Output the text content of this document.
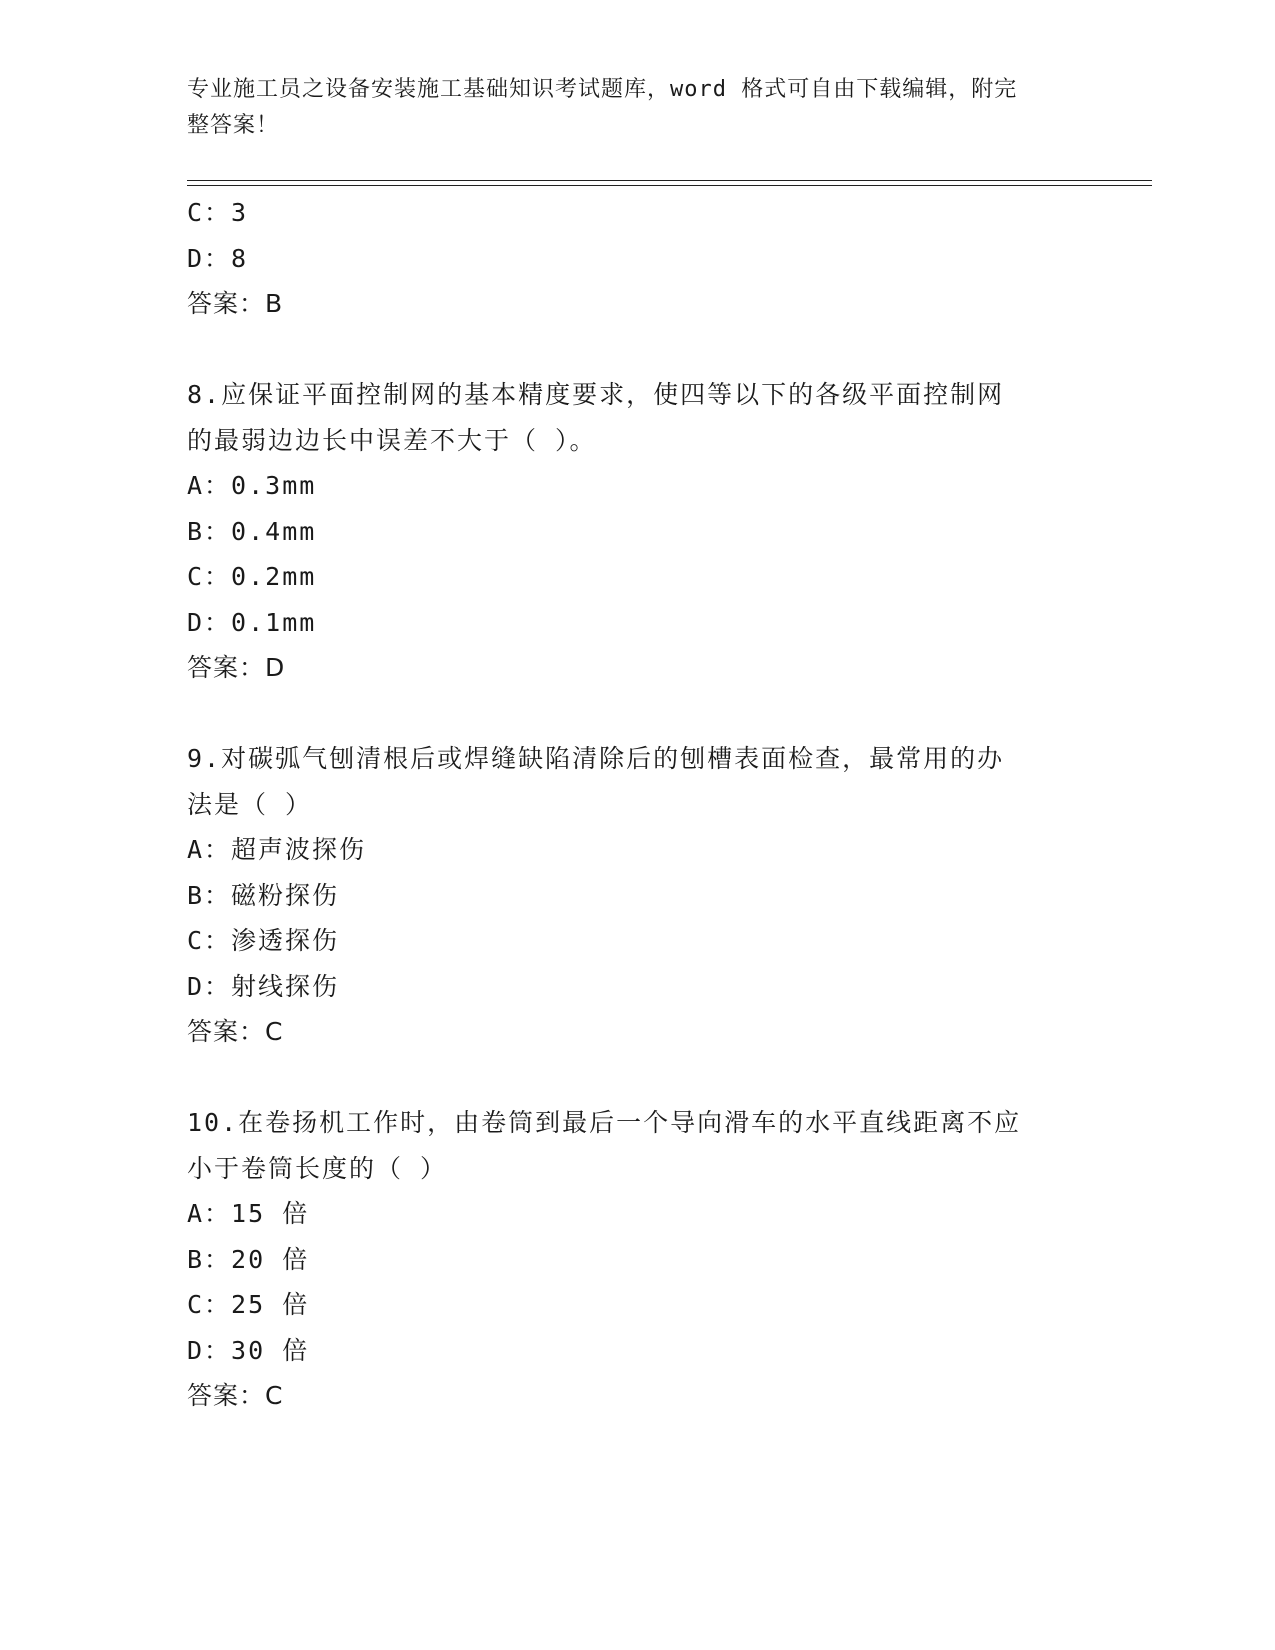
专业施工员之设备安装施工基础知识考试题库，word 格式可自由下载编辑，附完
整答案！
C：3
D：8
答案：B
8.应保证平面控制网的基本精度要求，使四等以下的各级平面控制网
的最弱边边长中误差不大于（ ）。
A：0.3mm
B：0.4mm
C：0.2mm
D：0.1mm
答案：D
9.对碳弧气刨清根后或焊缝缺陷清除后的刨槽表面检查，最常用的办
法是（ ）
A：超声波探伤
B：磁粉探伤
C：渗透探伤
D：射线探伤
答案：C
10.在卷扬机工作时，由卷筒到最后一个导向滑车的水平直线距离不应
小于卷筒长度的（ ）
A：15 倍
B：20 倍
C：25 倍
D：30 倍
答案：C
